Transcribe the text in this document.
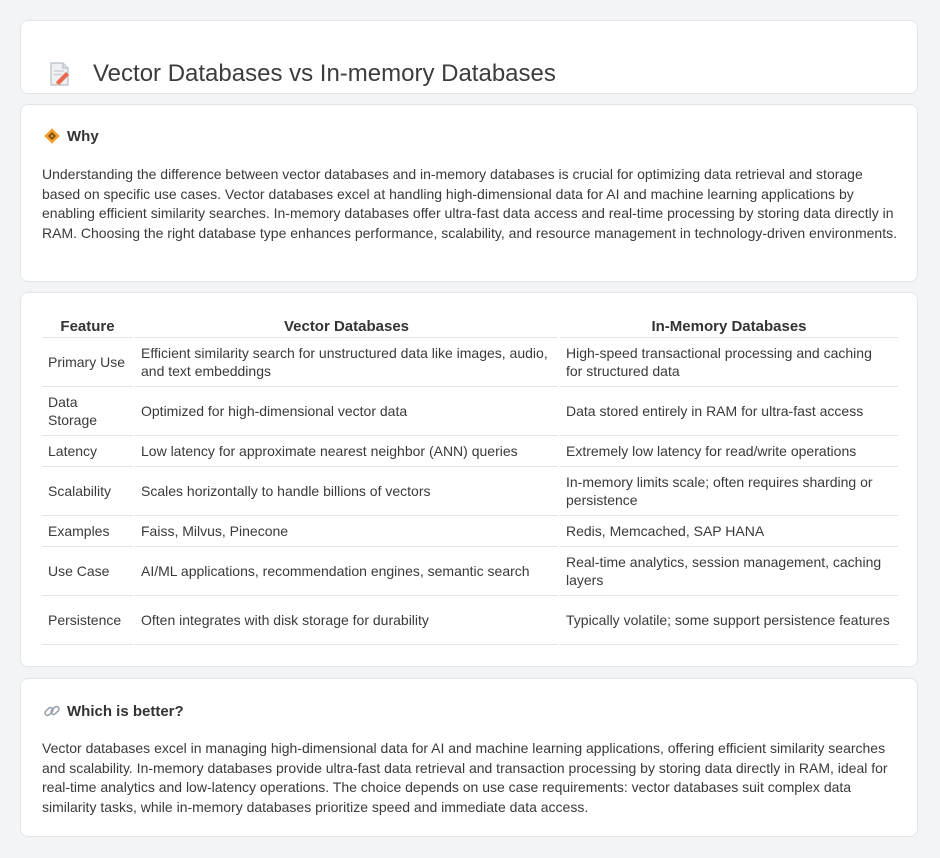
Vector Databases vs In-memory Databases
Why

Understanding the difference between vector databases and in-memory databases is crucial for optimizing data retrieval and storage based on specific use cases. Vector databases excel at handling high-dimensional data for AI and machine learning applications by enabling efficient similarity searches. In-memory databases offer ultra-fast data access and real-time processing by storing data directly in RAM. Choosing the right database type enhances performance, scalability, and resource management in technology-driven environments.

Feature	Vector Databases	In-Memory Databases
Primary Use	Efficient similarity search for unstructured data like images, audio, and text embeddings	High-speed transactional processing and caching for structured data
Data Storage	Optimized for high-dimensional vector data	Data stored entirely in RAM for ultra-fast access
Latency	Low latency for approximate nearest neighbor (ANN) queries	Extremely low latency for read/write operations
Scalability	Scales horizontally to handle billions of vectors	In-memory limits scale; often requires sharding or persistence
Examples	Faiss, Milvus, Pinecone	Redis, Memcached, SAP HANA
Use Case	AI/ML applications, recommendation engines, semantic search	Real-time analytics, session management, caching layers
Persistence	Often integrates with disk storage for durability	Typically volatile; some support persistence features
Which is better?

Vector databases excel in managing high-dimensional data for AI and machine learning applications, offering efficient similarity searches and scalability. In-memory databases provide ultra-fast data retrieval and transaction processing by storing data directly in RAM, ideal for real-time analytics and low-latency operations. The choice depends on use case requirements: vector databases suit complex data similarity tasks, while in-memory databases prioritize speed and immediate data access.
